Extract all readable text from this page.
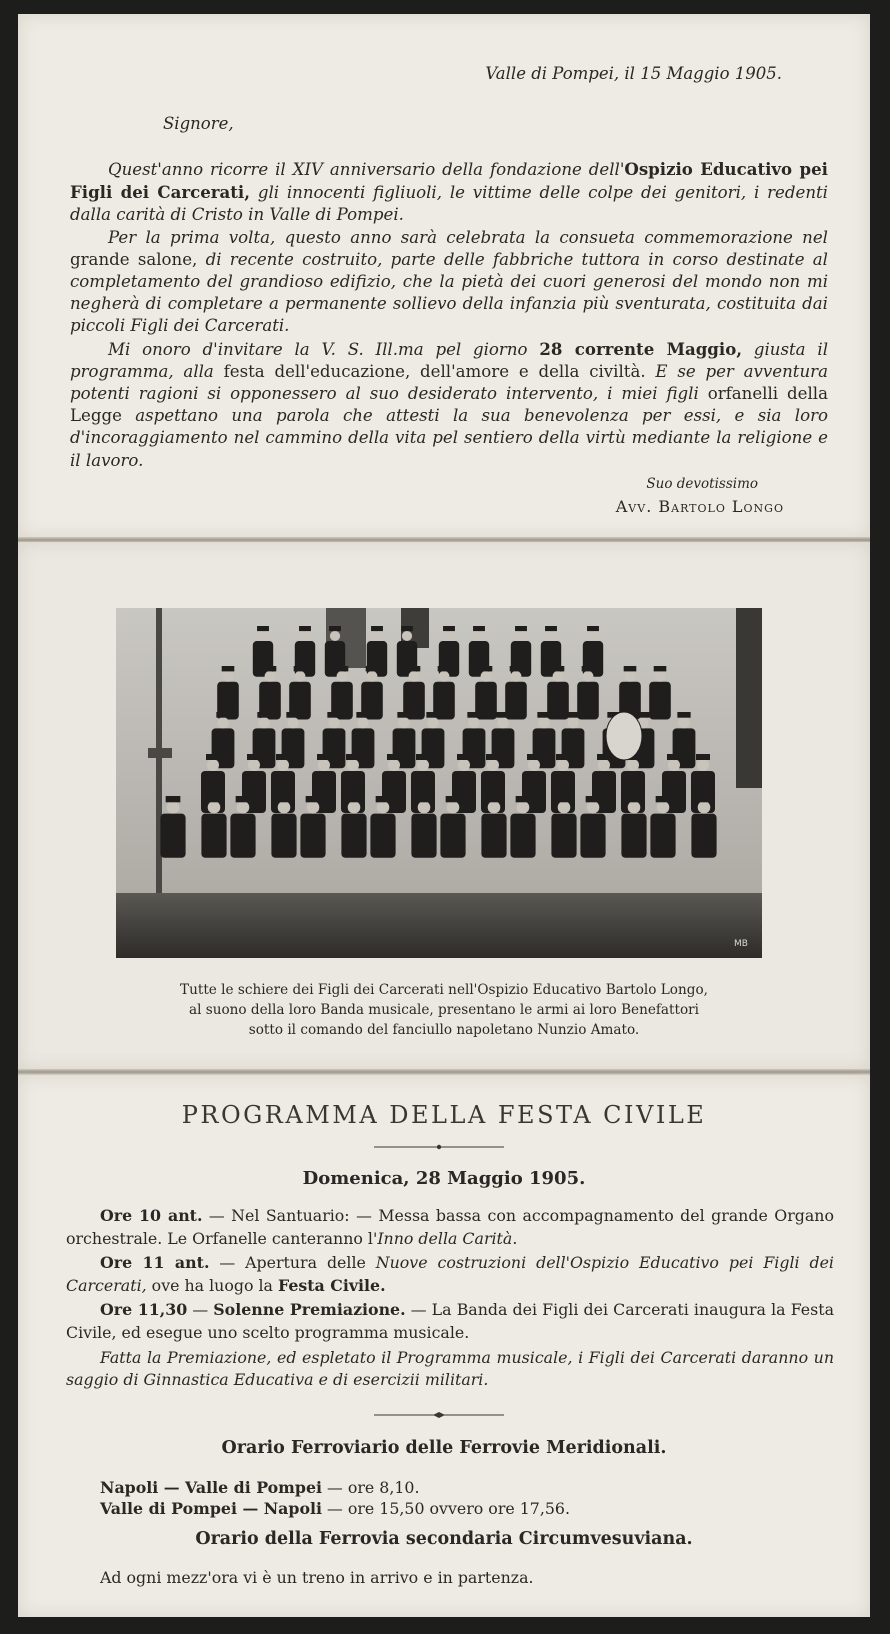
Valle di Pompei, il 15 Maggio 1905.
Signore,

Quest'anno ricorre il XIV anniversario della fondazione dell'Ospizio Educativo pei Figli dei Carcerati, gli innocenti figliuoli, le vittime delle colpe dei genitori, i redenti dalla carità di Cristo in Valle di Pompei.

Per la prima volta, questo anno sarà celebrata la consueta commemorazione nel grande salone, di recente costruito, parte delle fabbriche tuttora in corso destinate al completamento del grandioso edifizio, che la pietà dei cuori generosi del mondo non mi negherà di completare a permanente sollievo della infanzia più sventurata, costituita dai piccoli Figli dei Carcerati.

Mi onoro d'invitare la V. S. Ill.ma pel giorno 28 corrente Maggio, giusta il programma, alla festa dell'educazione, dell'amore e della civiltà. E se per avventura potenti ragioni si opponessero al suo desiderato intervento, i miei figli orfanelli della Legge aspettano una parola che attesti la sua benevolenza per essi, e sia loro d'incoraggiamento nel cammino della vita pel sentiero della virtù mediante la religione e il lavoro.

Suo devotissimo
Avv. Bartolo Longo
MB
Tutte le schiere dei Figli dei Carcerati nell'Ospizio Educativo Bartolo Longo,
al suono della loro Banda musicale, presentano le armi ai loro Benefattori
sotto il comando del fanciullo napoletano Nunzio Amato.
PROGRAMMA DELLA FESTA CIVILE
Domenica, 28 Maggio 1905.

Ore 10 ant. — Nel Santuario: — Messa bassa con accompagnamento del grande Organo orchestrale. Le Orfanelle canteranno l'Inno della Carità.

Ore 11 ant. — Apertura delle Nuove costruzioni dell'Ospizio Educativo pei Figli dei Carcerati, ove ha luogo la Festa Civile.

Ore 11,30 — Solenne Premiazione. — La Banda dei Figli dei Carcerati inaugura la Festa Civile, ed esegue uno scelto programma musicale.

Fatta la Premiazione, ed espletato il Programma musicale, i Figli dei Carcerati daranno un saggio di Ginnastica Educativa e di esercizii militari.

Orario Ferroviario delle Ferrovie Meridionali.
Napoli — Valle di Pompei — ore 8,10.
Valle di Pompei — Napoli — ore 15,50 ovvero ore 17,56.
Orario della Ferrovia secondaria Circumvesuviana.
Ad ogni mezz'ora vi è un treno in arrivo e in partenza.
